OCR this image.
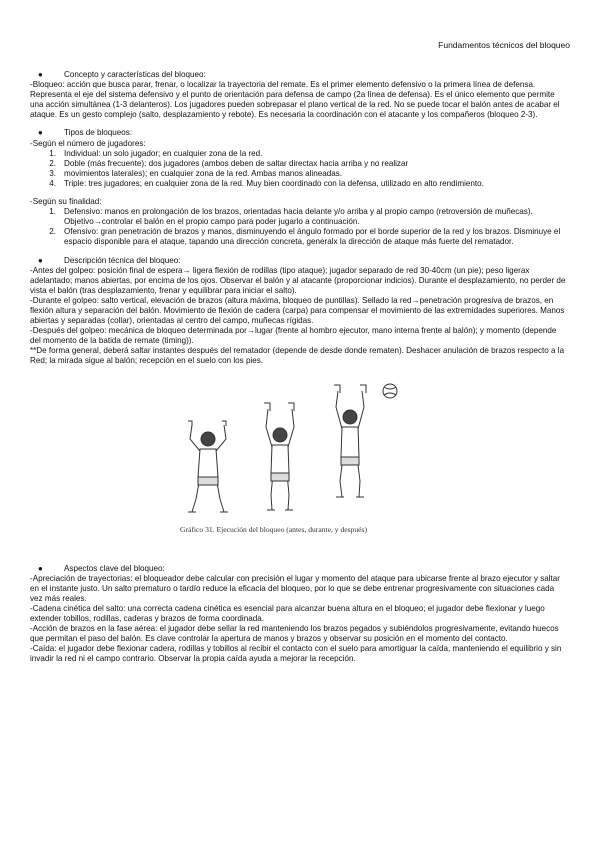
Fundamentos técnicos del bloqueo
●	Concepto y características del bloqueo:

-Bloqueo: acción que busca parar, frenar, o localizar la trayectoria del remate. Es el primer elemento defensivo o la primera línea de defensa. Representa el eje del sistema defensivo y el punto de orientación para defensa de campo (2a línea de defensa). Es el único elemento que permite una acción simultánea (1-3 delanteros). Los jugadores pueden sobrepasar el plano vertical de la red. No se puede tocar el balón antes de acabar el ataque. Es un gesto complejo (salto, desplazamiento y rebote). Es necesaria la coordinación con el atacante y los compañeros (bloqueo 2-3).

●	Tipos de bloqueos:

-Según el número de jugadores:

1. Individual: un solo jugador; en cualquier zona de la red.
2. Doble (más frecuente): dos jugadores (ambos deben de saltar directax hacia arriba y no realizar
3. movimientos laterales); en cualquier zona de la red. Ambas manos alineadas.
4. Triple: tres jugadores; en cualquier zona de la red. Muy bien coordinado con la defensa, utilizado en alto rendimiento.

-Según su finalidad:

1. Defensivo: manos en prolongación de los brazos, orientadas hacia delante y/o arriba y al propio campo (retroversión de muñecas). Objetivo→controlar el balón en el propio campo para poder jugarlo a continuación.
2. Ofensivo: gran penetración de brazos y manos, disminuyendo el ángulo formado por el borde superior de la red y los brazos. Disminuye el espacio disponible para el ataque, tapando una dirección concreta, generalx la dirección de ataque más fuerte del rematador.
●	Descripción técnica del bloqueo:

-Antes del golpeo: posición final de espera→ ligera flexión de rodillas (tipo ataque); jugador separado de red 30-40cm (un pie); peso ligerax adelantado; manos abiertas, por encima de los ojos. Observar el balón y al atacante (proporcionar indicios). Durante el desplazamiento, no perder de vista el balón (tras desplazamiento, frenar y equilibrar para iniciar el salto).

-Durante el golpeo: salto vertical, elevación de brazos (altura máxima, bloqueo de puntillas). Sellado la red→penetración progresiva de brazos, en flexión altura y separación del balón. Movimiento de flexión de cadera (carpa) para compensar el movimiento de las extremidades superiores. Manos abiertas y separadas (collar), orientadas al centro del campo, muñecas rígidas.

-Después del golpeo: mecánica de bloqueo determinada por→lugar (frente al hombro ejecutor, mano interna frente al balón); y momento (depende del momento de la batida de remate (timing)).

**De forma general, deberá saltar instantes después del rematador (depende de desde donde rematen). Deshacer anulación de brazos respecto a la Red; la mirada sigue al balón; recepción en el suelo con los pies.

Gráfico 31. Ejecución del bloqueo (antes, durante, y después)
●	Aspectos clave del bloqueo:

-Apreciación de trayectorias: el bloqueador debe calcular con precisión el lugar y momento del ataque para ubicarse frente al brazo ejecutor y saltar en el instante justo. Un salto prematuro o tardío reduce la eficacia del bloqueo, por lo que se debe entrenar progresivamente con situaciones cada vez más reales.

-Cadena cinética del salto: una correcta cadena cinética es esencial para alcanzar buena altura en el bloqueo; el jugador debe flexionar y luego extender tobillos, rodillas, caderas y brazos de forma coordinada.

-Acción de brazos en la fase aérea: el jugador debe sellar la red manteniendo los brazos pegados y subiéndolos progresivamente, evitando huecos que permitan el paso del balón. Es clave controlar la apertura de manos y brazos y observar su posición en el momento del contacto.

-Caída: el jugador debe flexionar cadera, rodillas y tobillos al recibir el contacto con el suelo para amortiguar la caída, manteniendo el equilibrio y sin invadir la red ni el campo contrario. Observar la propia caída ayuda a mejorar la recepción.
